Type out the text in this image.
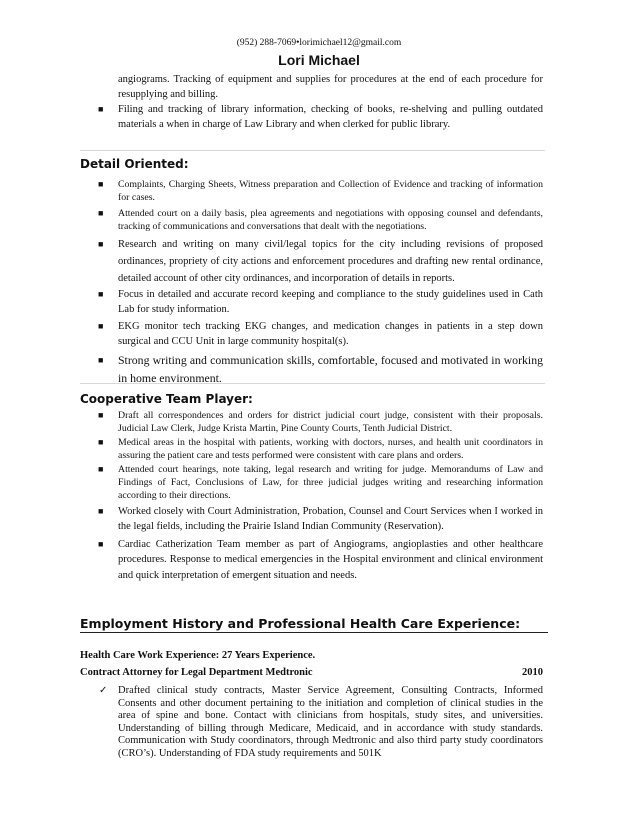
(952) 288-7069•lorimichael12@gmail.com
Lori Michael
angiograms. Tracking of equipment and supplies for procedures at the end of each procedure for resupplying and billing.
■ Filing and tracking of library information, checking of books, re-shelving and pulling outdated materials a when in charge of Law Library and when clerked for public library.
Detail Oriented:
■ Complaints, Charging Sheets, Witness preparation and Collection of Evidence and tracking of information for cases.
■ Attended court on a daily basis, plea agreements and negotiations with opposing counsel and defendants, tracking of communications and conversations that dealt with the negotiations.
■ Research and writing on many civil/legal topics for the city including revisions of proposed ordinances, propriety of city actions and enforcement procedures and drafting new rental ordinance, detailed account of other city ordinances, and incorporation of details in reports.
■ Focus in detailed and accurate record keeping and compliance to the study guidelines used in Cath Lab for study information.
■ EKG monitor tech tracking EKG changes, and medication changes in patients in a step down surgical and CCU Unit in large community hospital(s).
■ Strong writing and communication skills, comfortable, focused and motivated in working in home environment.
Cooperative Team Player:
■ Draft all correspondences and orders for district judicial court judge, consistent with their proposals. Judicial Law Clerk, Judge Krista Martin, Pine County Courts, Tenth Judicial District.
■ Medical areas in the hospital with patients, working with doctors, nurses, and health unit coordinators in assuring the patient care and tests performed were consistent with care plans and orders.
■ Attended court hearings, note taking, legal research and writing for judge. Memorandums of Law and Findings of Fact, Conclusions of Law, for three judicial judges writing and researching information according to their directions.
■ Worked closely with Court Administration, Probation, Counsel and Court Services when I worked in the legal fields, including the Prairie Island Indian Community (Reservation).
■ Cardiac Catherization Team member as part of Angiograms, angioplasties and other healthcare procedures. Response to medical emergencies in the Hospital environment and clinical environment and quick interpretation of emergent situation and needs.
Employment History and Professional Health Care Experience:
Health Care Work Experience: 27 Years Experience.
Contract Attorney for Legal Department Medtronic	2010
✓ Drafted clinical study contracts, Master Service Agreement, Consulting Contracts, Informed Consents and other document pertaining to the initiation and completion of clinical studies in the area of spine and bone. Contact with clinicians from hospitals, study sites, and universities. Understanding of billing through Medicare, Medicaid, and in accordance with study standards. Communication with Study coordinators, through Medtronic and also third party study coordinators (CRO’s). Understanding of FDA study requirements and 501K
